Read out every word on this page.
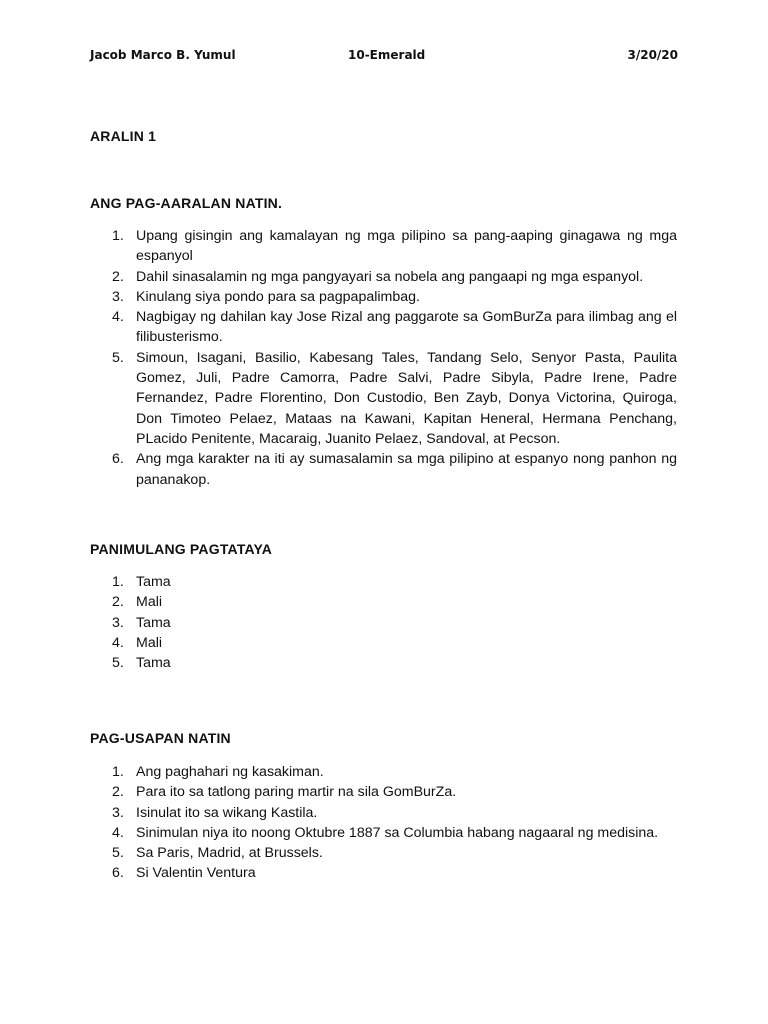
Jacob Marco B. Yumul	10-Emerald	3/20/20
ARALIN 1
ANG PAG-AARALAN NATIN.
1. Upang gisingin ang kamalayan ng mga pilipino sa pang-aaping ginagawa ng mga espanyol
2. Dahil sinasalamin ng mga pangyayari sa nobela ang pangaapi ng mga espanyol.
3. Kinulang siya pondo para sa pagpapalimbag.
4. Nagbigay ng dahilan kay Jose Rizal ang paggarote sa GomBurZa para ilimbag ang el filibusterismo.
5. Simoun, Isagani, Basilio, Kabesang Tales, Tandang Selo, Senyor Pasta, Paulita Gomez, Juli, Padre Camorra, Padre Salvi, Padre Sibyla, Padre Irene, Padre Fernandez, Padre Florentino, Don Custodio, Ben Zayb, Donya Victorina, Quiroga, Don Timoteo Pelaez, Mataas na Kawani, Kapitan Heneral, Hermana Penchang, PLacido Penitente, Macaraig, Juanito Pelaez, Sandoval, at Pecson.
6. Ang mga karakter na iti ay sumasalamin sa mga pilipino at espanyo nong panhon ng pananakop.
PANIMULANG PAGTATAYA
1. Tama
2. Mali
3. Tama
4. Mali
5. Tama
PAG-USAPAN NATIN
1. Ang paghahari ng kasakiman.
2. Para ito sa tatlong paring martir na sila GomBurZa.
3. Isinulat ito sa wikang Kastila.
4. Sinimulan niya ito noong Oktubre 1887 sa Columbia habang nagaaral ng medisina.
5. Sa Paris, Madrid, at Brussels.
6. Si Valentin Ventura
